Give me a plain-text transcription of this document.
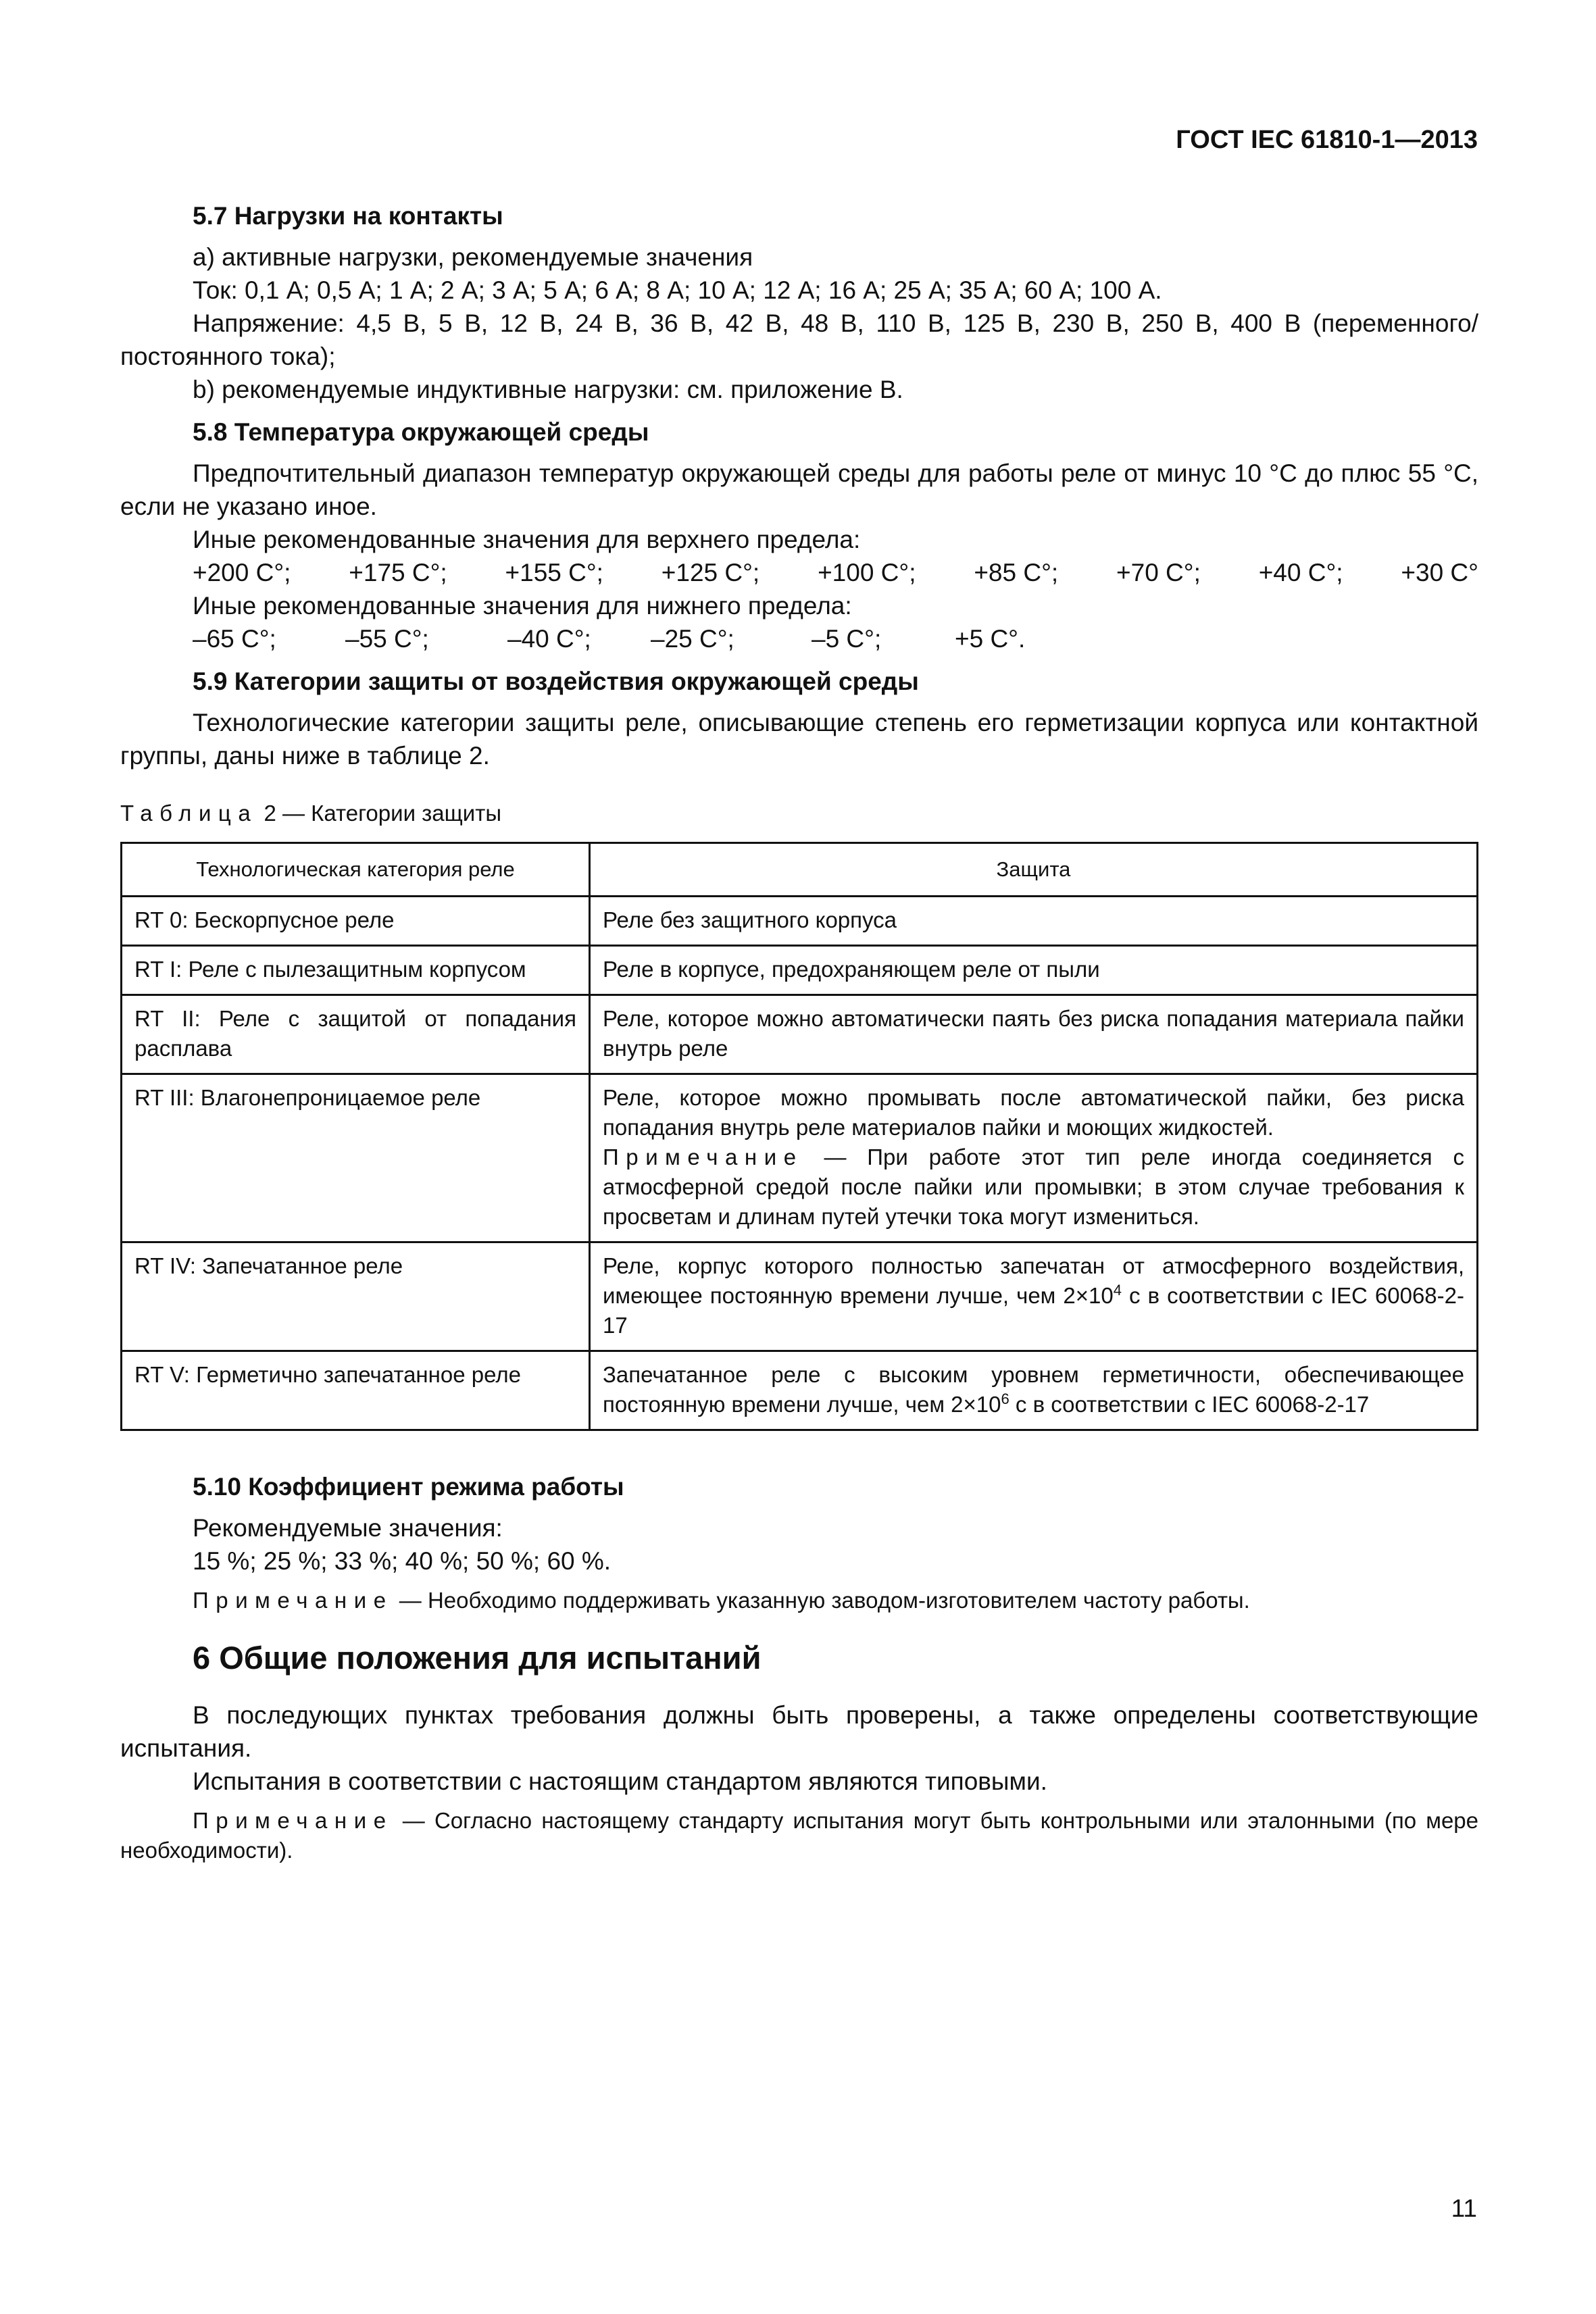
ГОСТ IEC 61810-1—2013
5.7 Нагрузки на контакты

а) активные нагрузки, рекомендуемые значения

Ток: 0,1 А; 0,5 А; 1 А; 2 А; 3 А; 5 А; 6 А; 8 А; 10 А; 12 А; 16 А; 25 А; 35 А; 60 А; 100 А.

Напряжение: 4,5 В, 5 В, 12 В, 24 В, 36 В, 42 В, 48 В, 110 В, 125 В, 230 В, 250 В, 400 В (переменного/постоянного тока);

b) рекомендуемые индуктивные нагрузки: см. приложение В.

5.8 Температура окружающей среды

Предпочтительный диапазон температур окружающей среды для работы реле от минус 10 °С до плюс 55 °С, если не указано иное.

Иные рекомендованные значения для верхнего предела:

+200 С°; +175 С°; +155 С°; +125 С°; +100 С°; +85 С°; +70 С°; +40 С°; +30 С°

Иные рекомендованные значения для нижнего предела:

–65 С°;	–55 С°;	–40 С°;	–25 С°;	–5 С°;	+5 С°.
5.9 Категории защиты от воздействия окружающей среды

Технологические категории защиты реле, описывающие степень его герметизации корпуса или контактной группы, даны ниже в таблице 2.

Таблица 2 — Категории защиты
Технологическая категория реле	Защита
RT 0: Бескорпусное реле	Реле без защитного корпуса
RT I: Реле с пылезащитным корпусом	Реле в корпусе, предохраняющем реле от пыли
RT II: Реле с защитой от попадания расплава	Реле, которое можно автоматически паять без риска попадания материала пайки внутрь реле
RT III: Влагонепроницаемое реле	Реле, которое можно промывать после автоматической пайки, без риска попадания внутрь реле материалов пайки и моющих жидкостей.
Примечание — При работе этот тип реле иногда соединяется с атмосферной средой после пайки или промывки; в этом случае требования к просветам и длинам путей утечки тока могут измениться.

RT IV: Запечатанное реле	Реле, корпус которого полностью запечатан от атмосферного воздействия, имеющее постоянную времени лучше, чем $2\times 10^4$ с в соответствии с IEC 60068-2-17
RT V: Герметично запечатанное реле	Запечатанное реле с высоким уровнем герметичности, обеспечивающее постоянную времени лучше, чем $2\times 10^6$ с в соответствии с IEC 60068-2-17
5.10 Коэффициент режима работы

Рекомендуемые значения:

15 %; 25 %; 33 %; 40 %; 50 %; 60 %.

Примечание — Необходимо поддерживать указанную заводом-изготовителем частоту работы.

6 Общие положения для испытаний

В последующих пунктах требования должны быть проверены, а также определены соответствующие испытания.

Испытания в соответствии с настоящим стандартом являются типовыми.

Примечание — Согласно настоящему стандарту испытания могут быть контрольными или эталонными (по мере необходимости).

11
